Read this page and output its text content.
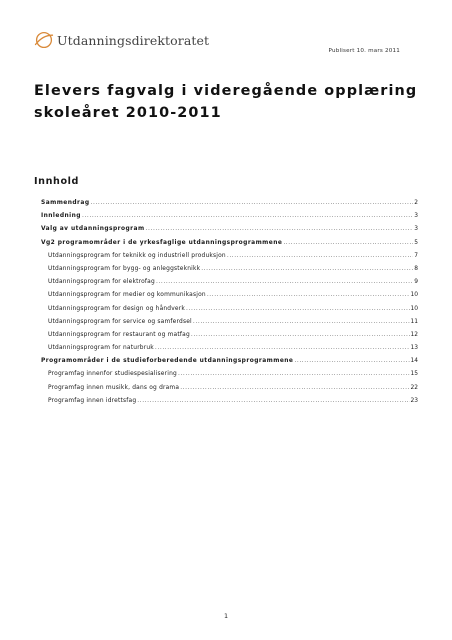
Utdanningsdirektoratet
Publisert 10. mars 2011
Elevers fagvalg i videregående opplæring
skoleåret 2010-2011
Innhold
Sammendrag .....	2
Innledning .....	3
Valg av utdanningsprogram .....	3
Vg2 programområder i de yrkesfaglige utdanningsprogrammene .....	5
Utdanningsprogram for teknikk og industriell produksjon .....	7
Utdanningsprogram for bygg- og anleggsteknikk .....	8
Utdanningsprogram for elektrofag .....	9
Utdanningsprogram for medier og kommunikasjon .....	10
Utdanningsprogram for design og håndverk .....	10
Utdanningsprogram for service og samferdsel .....	11
Utdanningsprogram for restaurant og matfag .....	12
Utdanningsprogram for naturbruk .....	13
Programområder i de studieforberedende utdanningsprogrammene .....	14
Programfag innenfor studiespesialisering .....	15
Programfag innen musikk, dans og drama .....	22
Programfag innen idrettsfag .....	23
1
